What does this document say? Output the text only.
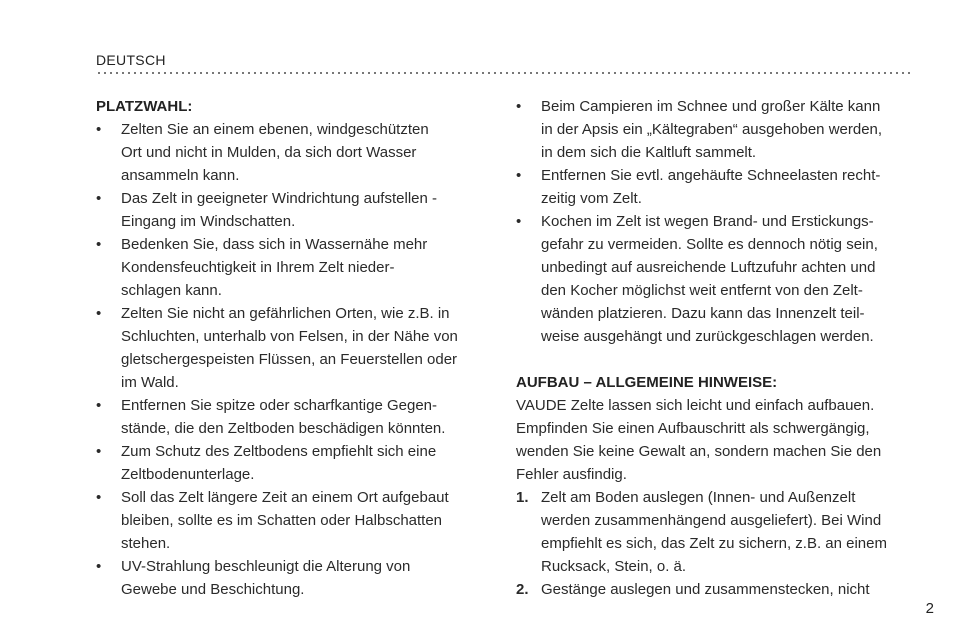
DEUTSCH
PLATZWAHL:
• Zelten Sie an einem ebenen, windgeschützten
Ort und nicht in Mulden, da sich dort Wasser
ansammeln kann.
• Das Zelt in geeigneter Windrichtung aufstellen -
Eingang im Windschatten.
• Bedenken Sie, dass sich in Wassernähe mehr
Kondensfeuchtigkeit in Ihrem Zelt nieder-
schlagen kann.
• Zelten Sie nicht an gefährlichen Orten, wie z.B. in
Schluchten, unterhalb von Felsen, in der Nähe von
gletschergespeisten Flüssen, an Feuerstellen oder
im Wald.
• Entfernen Sie spitze oder scharfkantige Gegen-
stände, die den Zeltboden beschädigen könnten.
• Zum Schutz des Zeltbodens empfiehlt sich eine
Zeltbodenunterlage.
• Soll das Zelt längere Zeit an einem Ort aufgebaut
bleiben, sollte es im Schatten oder Halbschatten
stehen.
• UV-Strahlung beschleunigt die Alterung von
Gewebe und Beschichtung.
• Beim Campieren im Schnee und großer Kälte kann
in der Apsis ein „Kältegraben“ ausgehoben werden,
in dem sich die Kaltluft sammelt.
• Entfernen Sie evtl. angehäufte Schneelasten recht-
zeitig vom Zelt.
• Kochen im Zelt ist wegen Brand- und Erstickungs-
gefahr zu vermeiden. Sollte es dennoch nötig sein,
unbedingt auf ausreichende Luftzufuhr achten und
den Kocher möglichst weit entfernt von den Zelt-
wänden platzieren. Dazu kann das Innenzelt teil-
weise ausgehängt und zurückgeschlagen werden.
AUFBAU – ALLGEMEINE HINWEISE:

VAUDE Zelte lassen sich leicht und einfach aufbauen.
Empfinden Sie einen Aufbauschritt als schwergängig,
wenden Sie keine Gewalt an, sondern machen Sie den
Fehler ausfindig.

1. Zelt am Boden auslegen (Innen- und Außenzelt
werden zusammenhängend ausgeliefert). Bei Wind
empfiehlt es sich, das Zelt zu sichern, z.B. an einem
Rucksack, Stein, o. ä.
2. Gestänge auslegen und zusammenstecken, nicht
2
